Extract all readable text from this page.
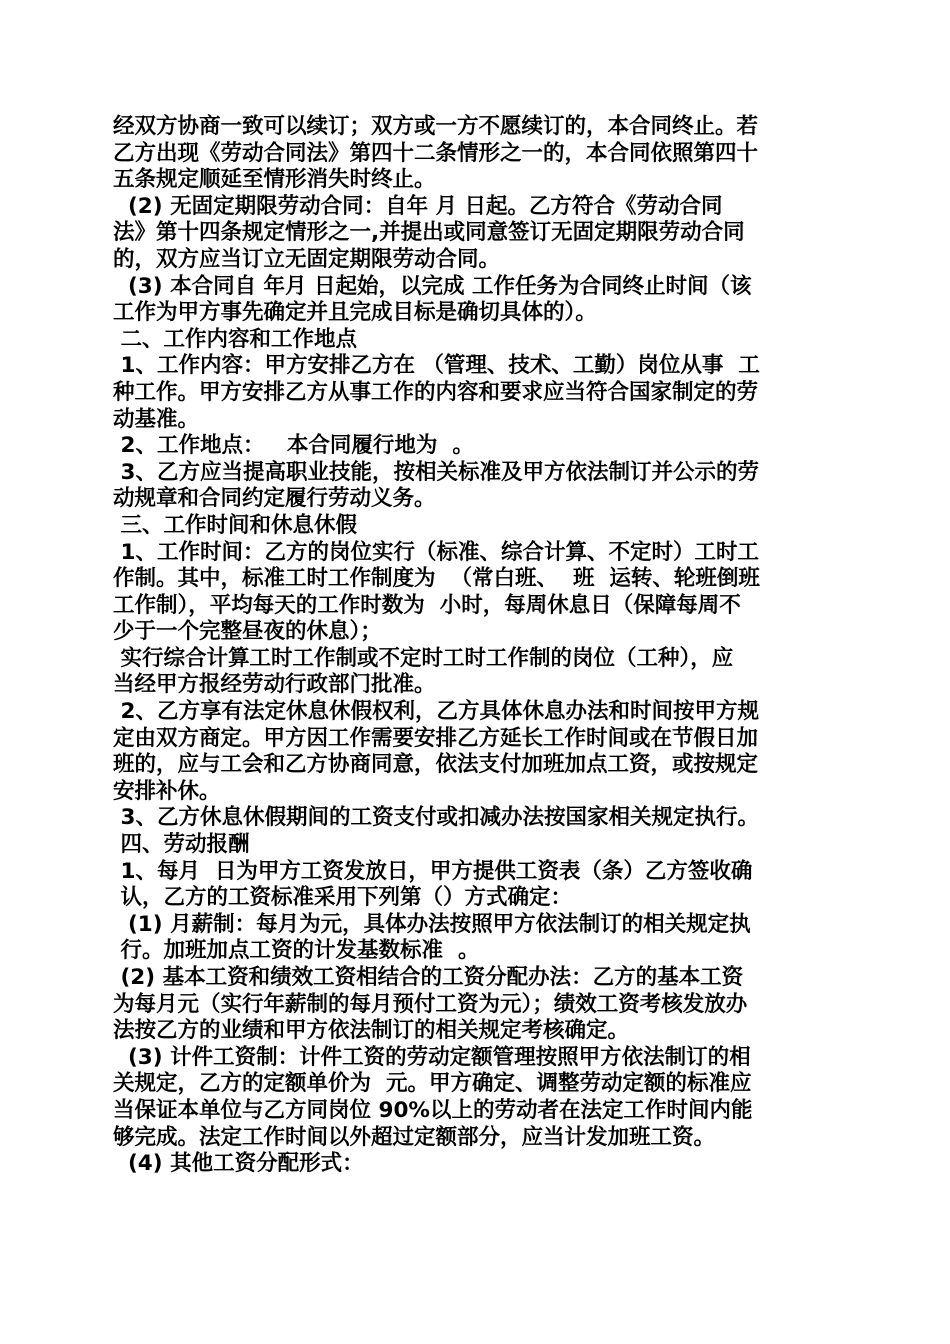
经双方协商一致可以续订；双方或一方不愿续订的，本合同终止。若
乙方出现《劳动合同法》第四十二条情形之一的，本合同依照第四十
五条规定顺延至情形消失时终止。
(2) 无固定期限劳动合同：自年 月 日起。乙方符合《劳动合同
法》第十四条规定情形之一,并提出或同意签订无固定期限劳动合同
的，双方应当订立无固定期限劳动合同。
(3) 本合同自 年月 日起始，以完成 工作任务为合同终止时间（该
工作为甲方事先确定并且完成目标是确切具体的）。
二、工作内容和工作地点
1、工作内容：甲方安排乙方在 （管理、技术、工勤）岗位从事  工
种工作。甲方安排乙方从事工作的内容和要求应当符合国家制定的劳
动基准。
2、工作地点：   本合同履行地为  。
3、乙方应当提高职业技能，按相关标准及甲方依法制订并公示的劳
动规章和合同约定履行劳动义务。
三、工作时间和休息休假
1、工作时间：乙方的岗位实行（标准、综合计算、不定时）工时工
作制。其中，标准工时工作制度为  （常白班、  班  运转、轮班倒班
工作制），平均每天的工作时数为  小时，每周休息日（保障每周不
少于一个完整昼夜的休息）；
实行综合计算工时工作制或不定时工时工作制的岗位（工种），应
当经甲方报经劳动行政部门批准。
2、乙方享有法定休息休假权利，乙方具体休息办法和时间按甲方规
定由双方商定。甲方因工作需要安排乙方延长工作时间或在节假日加
班的，应与工会和乙方协商同意，依法支付加班加点工资，或按规定
安排补休。
3、乙方休息休假期间的工资支付或扣减办法按国家相关规定执行。
四、劳动报酬
1、每月  日为甲方工资发放日，甲方提供工资表（条）乙方签收确
认，乙方的工资标准采用下列第（）方式确定：
(1) 月薪制：每月为元，具体办法按照甲方依法制订的相关规定执
行。加班加点工资的计发基数标准  。
(2) 基本工资和绩效工资相结合的工资分配办法：乙方的基本工资
为每月元（实行年薪制的每月预付工资为元）；绩效工资考核发放办
法按乙方的业绩和甲方依法制订的相关规定考核确定。
(3) 计件工资制：计件工资的劳动定额管理按照甲方依法制订的相
关规定，乙方的定额单价为  元。甲方确定、调整劳动定额的标准应
当保证本单位与乙方同岗位 90%以上的劳动者在法定工作时间内能
够完成。法定工作时间以外超过定额部分，应当计发加班工资。
(4) 其他工资分配形式：
